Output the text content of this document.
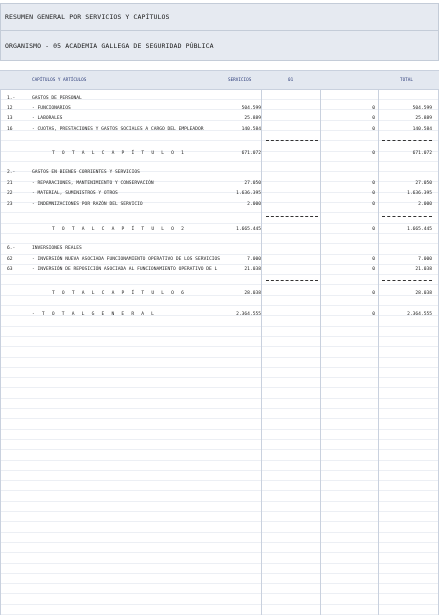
RESUMEN GENERAL POR SERVICIOS Y CAPÍTULOS
ORGANISMO - 05 ACADEMIA GALLEGA DE SEGURIDAD PÚBLICA
CAPÍTULOS Y ARTÍCULOS	SERVICIOS	01	TOTAL
1.-	GASTOS DE PERSONAL
12	- FUNCIONARIOS	504.599	0	504.599
13	- LABORALES	25.889	0	25.889
16	- CUOTAS, PRESTACIONES Y GASTOS SOCIALES A CARGO DEL EMPLEADOR	140.584	0	140.584
T O T A L C A P Í T U L O 1	671.072	0	671.072
2.-	GASTOS EN BIENES CORRIENTES Y SERVICIOS
21	- REPARACIONES, MANTENIMIENTO Y CONSERVACIÓN	27.050	0	27.050
22	- MATERIAL, SUMINISTROS Y OTROS	1.636.395	0	1.636.395
23	- INDEMNIZACIONES POR RAZÓN DEL SERVICIO	2.000	0	2.000
T O T A L C A P Í T U L O 2	1.665.445	0	1.665.445
6.-	INVERSIONES REALES
62	- INVERSIÓN NUEVA ASOCIADA FUNCIONAMIENTO OPERATIVO DE LOS SERVICIOS	7.000	0	7.000
63	- INVERSIÓN DE REPOSICIÓN ASOCIADA AL FUNCIONAMIENTO OPERATIVO DE L	21.038	0	21.038
T O T A L C A P Í T U L O 6	28.038	0	28.038
- T O T A L G E N E R A L	2.364.555	0	2.364.555
